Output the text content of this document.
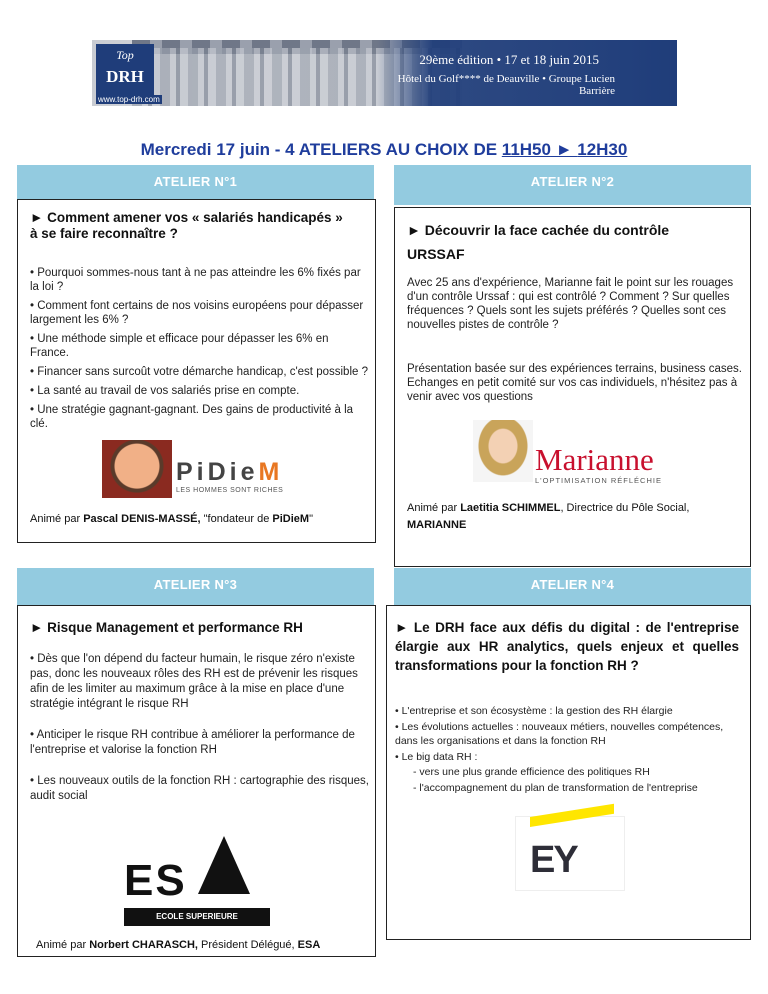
Top
DRH
www.top-drh.com
29ème édition • 17 et 18 juin 2015
Hôtel du Golf**** de Deauville • Groupe Lucien Barrière
Mercredi 17 juin - 4 ATELIERS AU CHOIX DE 11H50 ► 12H30
ATELIER N°1
► Comment amener vos « salariés handicapés » à se faire reconnaître ?
• Pourquoi sommes-nous tant à ne pas atteindre les 6% fixés par la loi ?
• Comment font certains de nos voisins européens pour dépasser largement les 6% ?
• Une méthode simple et efficace pour dépasser les 6% en France.
• Financer sans surcoût votre démarche handicap, c'est possible ?
• La santé au travail de vos salariés prise en compte.
• Une stratégie gagnant-gagnant. Des gains de productivité à la clé.
Animé par Pascal DENIS-MASSÉ, "fondateur de PiDieM"
PiDieM
LES HOMMES SONT RICHES
ATELIER N°2
► Découvrir la face cachée du contrôle URSSAF
Avec 25 ans d'expérience, Marianne fait le point sur les rouages d'un contrôle Urssaf : qui est contrôlé ? Comment ? Sur quelles fréquences ? Quels sont les sujets préférés ? Quelles sont ces nouvelles pistes de contrôle ?
Présentation basée sur des expériences terrains, business cases. Echanges en petit comité sur vos cas individuels, n'hésitez pas à venir avec vos questions
Animé par Laetitia SCHIMMEL, Directrice du Pôle Social, MARIANNE
Marianne
L'OPTIMISATION RÉFLÉCHIE
ATELIER N°3
► Risque Management et performance RH
• Dès que l'on dépend du facteur humain, le risque zéro n'existe pas, donc les nouveaux rôles des RH est de prévenir les risques afin de les limiter au maximum grâce à la mise en place d'une stratégie intégrant le risque RH
• Anticiper le risque RH contribue à améliorer la performance de l'entreprise et valorise la fonction RH
• Les nouveaux outils de la fonction RH : cartographie des risques, audit social
Animé par Norbert CHARASCH, Président Délégué, ESA
ES
ECOLE SUPERIEURE D'ASSURANCES
ATELIER N°4
► Le DRH face aux défis du digital : de l'entreprise élargie aux HR analytics, quels enjeux et quelles transformations pour la fonction RH ?
• L'entreprise et son écosystème : la gestion des RH élargie
• Les évolutions actuelles : nouveaux métiers, nouvelles compétences, dans les organisations et dans la fonction RH
• Le big data RH :
- vers une plus grande efficience des politiques RH
- l'accompagnement du plan de transformation de l'entreprise
EY
